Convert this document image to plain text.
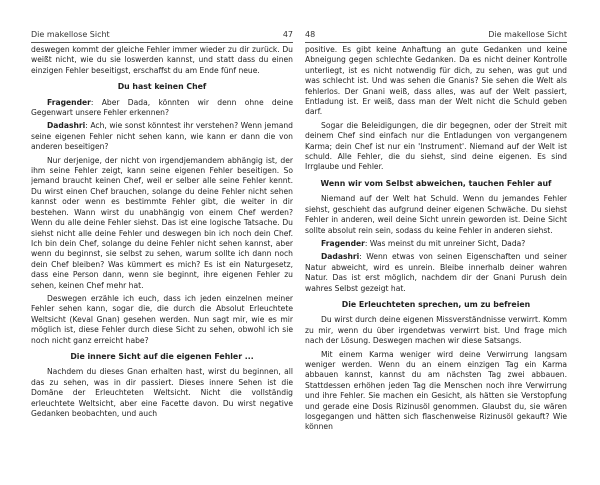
Die makellose Sicht	47

deswegen kommt der gleiche Fehler immer wieder zu dir zurück. Du weißt nicht, wie du sie loswerden kannst, und statt dass du einen einzigen Fehler beseitigst, erschaffst du am Ende fünf neue.

Du hast keinen Chef

Fragender: Aber Dada, könnten wir denn ohne deine Gegenwart unsere Fehler erkennen?

Dadashri: Ach, wie sonst könntest ihr verstehen? Wenn jemand seine eigenen Fehler nicht sehen kann, wie kann er dann die von anderen beseitigen?

Nur derjenige, der nicht von irgendjemandem abhängig ist, der ihm seine Fehler zeigt, kann seine eigenen Fehler beseitigen. So jemand braucht keinen Chef, weil er selber alle seine Fehler kennt. Du wirst einen Chef brauchen, solange du deine Fehler nicht sehen kannst oder wenn es bestimmte Fehler gibt, die weiter in dir bestehen. Wann wirst du unabhängig von einem Chef werden? Wenn du alle deine Fehler siehst. Das ist eine logische Tatsache. Du siehst nicht alle deine Fehler und deswegen bin ich noch dein Chef. Ich bin dein Chef, solange du deine Fehler nicht sehen kannst, aber wenn du beginnst, sie selbst zu sehen, warum sollte ich dann noch dein Chef bleiben? Was kümmert es mich? Es ist ein Naturgesetz, dass eine Person dann, wenn sie beginnt, ihre eigenen Fehler zu sehen, keinen Chef mehr hat.

Deswegen erzähle ich euch, dass ich jeden einzelnen meiner Fehler sehen kann, sogar die, die durch die Absolut Erleuchtete Weltsicht (Keval Gnan) gesehen werden. Nun sagt mir, wie es mir möglich ist, diese Fehler durch diese Sicht zu sehen, obwohl ich sie noch nicht ganz erreicht habe?

Die innere Sicht auf die eigenen Fehler ...

Nachdem du dieses Gnan erhalten hast, wirst du beginnen, all das zu sehen, was in dir passiert. Dieses innere Sehen ist die Domäne der Erleuchteten Weltsicht. Nicht die vollständig erleuchtete Weltsicht, aber eine Facette davon. Du wirst negative Gedanken beobachten, und auch

48	Die makellose Sicht

positive. Es gibt keine Anhaftung an gute Gedanken und keine Abneigung gegen schlechte Gedanken. Da es nicht deiner Kontrolle unterliegt, ist es nicht notwendig für dich, zu sehen, was gut und was schlecht ist. Und was sehen die Gnanis? Sie sehen die Welt als fehlerlos. Der Gnani weiß, dass alles, was auf der Welt passiert, Entladung ist. Er weiß, dass man der Welt nicht die Schuld geben darf.

Sogar die Beleidigungen, die dir begegnen, oder der Streit mit deinem Chef sind einfach nur die Entladungen von vergangenem Karma; dein Chef ist nur ein 'Instrument'. Niemand auf der Welt ist schuld. Alle Fehler, die du siehst, sind deine eigenen. Es sind Irrglaube und Fehler.

Wenn wir vom Selbst abweichen, tauchen Fehler auf

Niemand auf der Welt hat Schuld. Wenn du jemandes Fehler siehst, geschieht das aufgrund deiner eigenen Schwäche. Du siehst Fehler in anderen, weil deine Sicht unrein geworden ist. Deine Sicht sollte absolut rein sein, sodass du keine Fehler in anderen siehst.

Fragender: Was meinst du mit unreiner Sicht, Dada?

Dadashri: Wenn etwas von seinen Eigenschaften und seiner Natur abweicht, wird es unrein. Bleibe innerhalb deiner wahren Natur. Das ist erst möglich, nachdem dir der Gnani Purush dein wahres Selbst gezeigt hat.

Die Erleuchteten sprechen, um zu befreien

Du wirst durch deine eigenen Missverständnisse verwirrt. Komm zu mir, wenn du über irgendetwas verwirrt bist. Und frage mich nach der Lösung. Deswegen machen wir diese Satsangs.

Mit einem Karma weniger wird deine Verwirrung langsam weniger werden. Wenn du an einem einzigen Tag ein Karma abbauen kannst, kannst du am nächsten Tag zwei abbauen. Stattdessen erhöhen jeden Tag die Menschen noch ihre Verwirrung und ihre Fehler. Sie machen ein Gesicht, als hätten sie Verstopfung und gerade eine Dosis Rizinusöl genommen. Glaubst du, sie wären losgegangen und hätten sich flaschenweise Rizinusöl gekauft? Wie können
